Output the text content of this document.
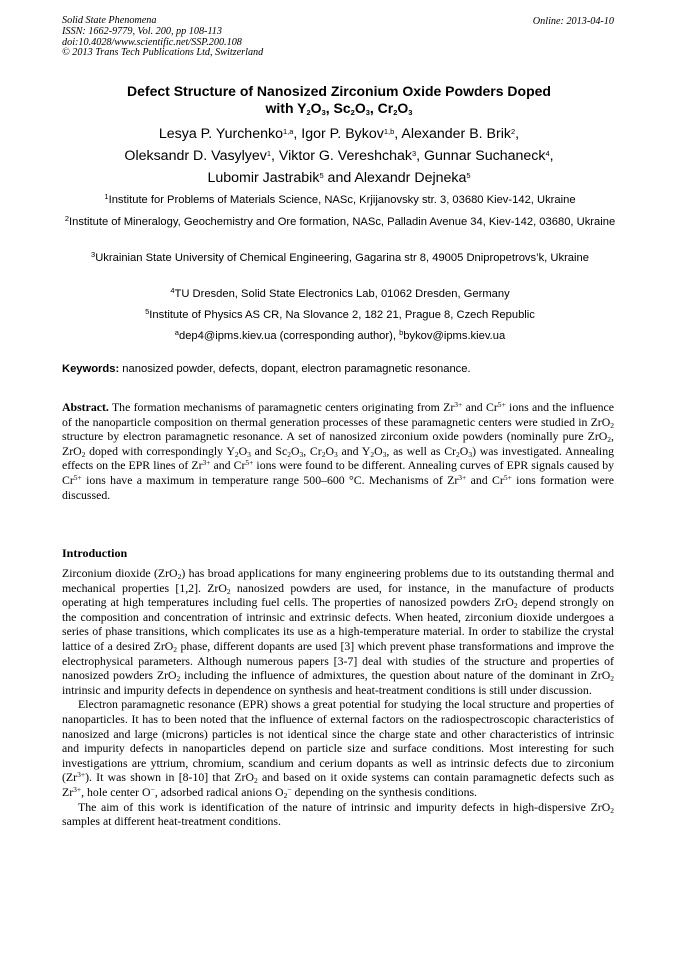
Solid State Phenomena
ISSN: 1662-9779, Vol. 200, pp 108-113
doi:10.4028/www.scientific.net/SSP.200.108
© 2013 Trans Tech Publications Ltd, Switzerland
Online: 2013-04-10
Defect Structure of Nanosized Zirconium Oxide Powders Doped
with $Y_2O_3$, $Sc_2O_3$, $Cr_2O_3$
Lesya P. Yurchenko$^{1,a}$, Igor P. Bykov$^{1,b}$, Alexander B. Brik$^2$,
Oleksandr D. Vasylyev$^1$, Viktor G. Vereshchak$^3$, Gunnar Suchaneck$^4$,
Lubomir Jastrabik$^5$ and Alexandr Dejneka$^5$
$^1$Institute for Problems of Materials Science, NASc, Krjijanovsky str. 3, 03680 Kiev-142, Ukraine
$^2$Institute of Mineralogy, Geochemistry and Ore formation, NASc, Palladin Avenue 34, Kiev-142, 03680, Ukraine
$^3$Ukrainian State University of Chemical Engineering, Gagarina str 8, 49005 Dnipropetrovs’k, Ukraine
$^4$TU Dresden, Solid State Electronics Lab, 01062 Dresden, Germany
$^5$Institute of Physics AS CR, Na Slovance 2, 182 21, Prague 8, Czech Republic
$^a$dep4@ipms.kiev.ua (corresponding author), $^b$bykov@ipms.kiev.ua
Keywords: nanosized powder, defects, dopant, electron paramagnetic resonance.
Abstract. The formation mechanisms of paramagnetic centers originating from $Zr^{3+}$ and $Cr^{5+}$ ions and the influence of the nanoparticle composition on thermal generation processes of these paramagnetic centers were studied in ZrO$_2$ structure by electron paramagnetic resonance. A set of nanosized zirconium oxide powders (nominally pure ZrO$_2$, ZrO$_2$ doped with correspondingly $Y_2O_3$ and $Sc_2O_3$, $Cr_2O_3$ and $Y_2O_3$, as well as $Cr_2O_3$) was investigated. Annealing effects on the EPR lines of $Zr^{3+}$ and $Cr^{5+}$ ions were found to be different. Annealing curves of EPR signals caused by $Cr^{5+}$ ions have a maximum in temperature range 500–600 °C. Mechanisms of $Zr^{3+}$ and $Cr^{5+}$ ions formation were discussed.
Introduction

Zirconium dioxide (ZrO$_2$) has broad applications for many engineering problems due to its outstanding thermal and mechanical properties [1,2]. ZrO$_2$ nanosized powders are used, for instance, in the manufacture of products operating at high temperatures including fuel cells. The properties of nanosized powders ZrO$_2$ depend strongly on the composition and concentration of intrinsic and extrinsic defects. When heated, zirconium dioxide undergoes a series of phase transitions, which complicates its use as a high-temperature material. In order to stabilize the crystal lattice of a desired ZrO$_2$ phase, different dopants are used [3] which prevent phase transformations and improve the electrophysical parameters. Although numerous papers [3-7] deal with studies of the structure and properties of nanosized powders ZrO$_2$ including the influence of admixtures, the question about nature of the dominant in ZrO$_2$ intrinsic and impurity defects in dependence on synthesis and heat-treatment conditions is still under discussion.

Electron paramagnetic resonance (EPR) shows a great potential for studying the local structure and properties of nanoparticles. It has to been noted that the influence of external factors on the radiospectroscopic characteristics of nanosized and large (microns) particles is not identical since the charge state and other characteristics of intrinsic and impurity defects in nanoparticles depend on particle size and surface conditions. Most interesting for such investigations are yttrium, chromium, scandium and cerium dopants as well as intrinsic defects due to zirconium $(Zr^{3+})$. It was shown in [8-10] that ZrO$_2$ and based on it oxide systems can contain paramagnetic defects such as $Zr^{3+}$, hole center O−, adsorbed radical anions $O_2^-$ depending on the synthesis conditions.

The aim of this work is identification of the nature of intrinsic and impurity defects in high-dispersive ZrO$_2$ samples at different heat-treatment conditions.
